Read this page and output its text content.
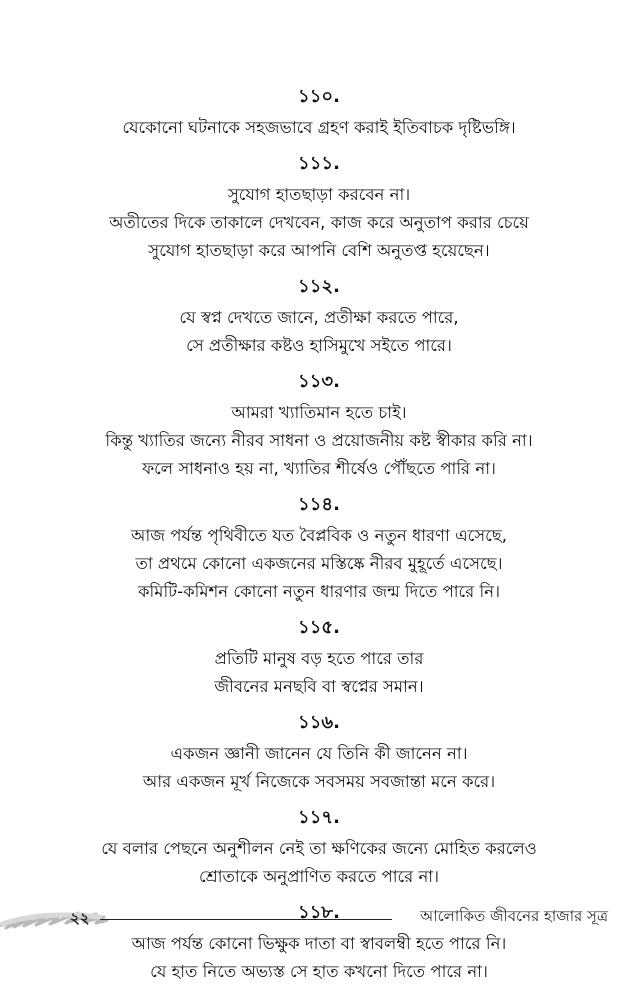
১১০.
যেকোনো ঘটনাকে সহজভাবে গ্রহণ করাই ইতিবাচক দৃষ্টিভঙ্গি।
১১১.
সুযোগ হাতছাড়া করবেন না।
অতীতের দিকে তাকালে দেখবেন, কাজ করে অনুতাপ করার চেয়ে
সুযোগ হাতছাড়া করে আপনি বেশি অনুতপ্ত হয়েছেন।
১১২.
যে স্বপ্ন দেখতে জানে, প্রতীক্ষা করতে পারে,
সে প্রতীক্ষার কষ্টও হাসিমুখে সইতে পারে।
১১৩.
আমরা খ্যাতিমান হতে চাই।
কিন্তু খ্যাতির জন্যে নীরব সাধনা ও প্রয়োজনীয় কষ্ট স্বীকার করি না।
ফলে সাধনাও হয় না, খ্যাতির শীর্ষেও পৌঁছতে পারি না।
১১৪.
আজ পর্যন্ত পৃথিবীতে যত বৈপ্লবিক ও নতুন ধারণা এসেছে,
তা প্রথমে কোনো একজনের মস্তিষ্কে নীরব মুহূর্তে এসেছে।
কমিটি-কমিশন কোনো নতুন ধারণার জন্ম দিতে পারে নি।
১১৫.
প্রতিটি মানুষ বড় হতে পারে তার
জীবনের মনছবি বা স্বপ্নের সমান।
১১৬.
একজন জ্ঞানী জানেন যে তিনি কী জানেন না।
আর একজন মূর্খ নিজেকে সবসময় সবজান্তা মনে করে।
১১৭.
যে বলার পেছনে অনুশীলন নেই তা ক্ষণিকের জন্যে মোহিত করলেও
শ্রোতাকে অনুপ্রাণিত করতে পারে না।
১১৮.
আজ পর্যন্ত কোনো ভিক্ষুক দাতা বা স্বাবলম্বী হতে পারে নি।
যে হাত নিতে অভ্যস্ত সে হাত কখনো দিতে পারে না।
২২	আলোকিত জীবনের হাজার সূত্র
